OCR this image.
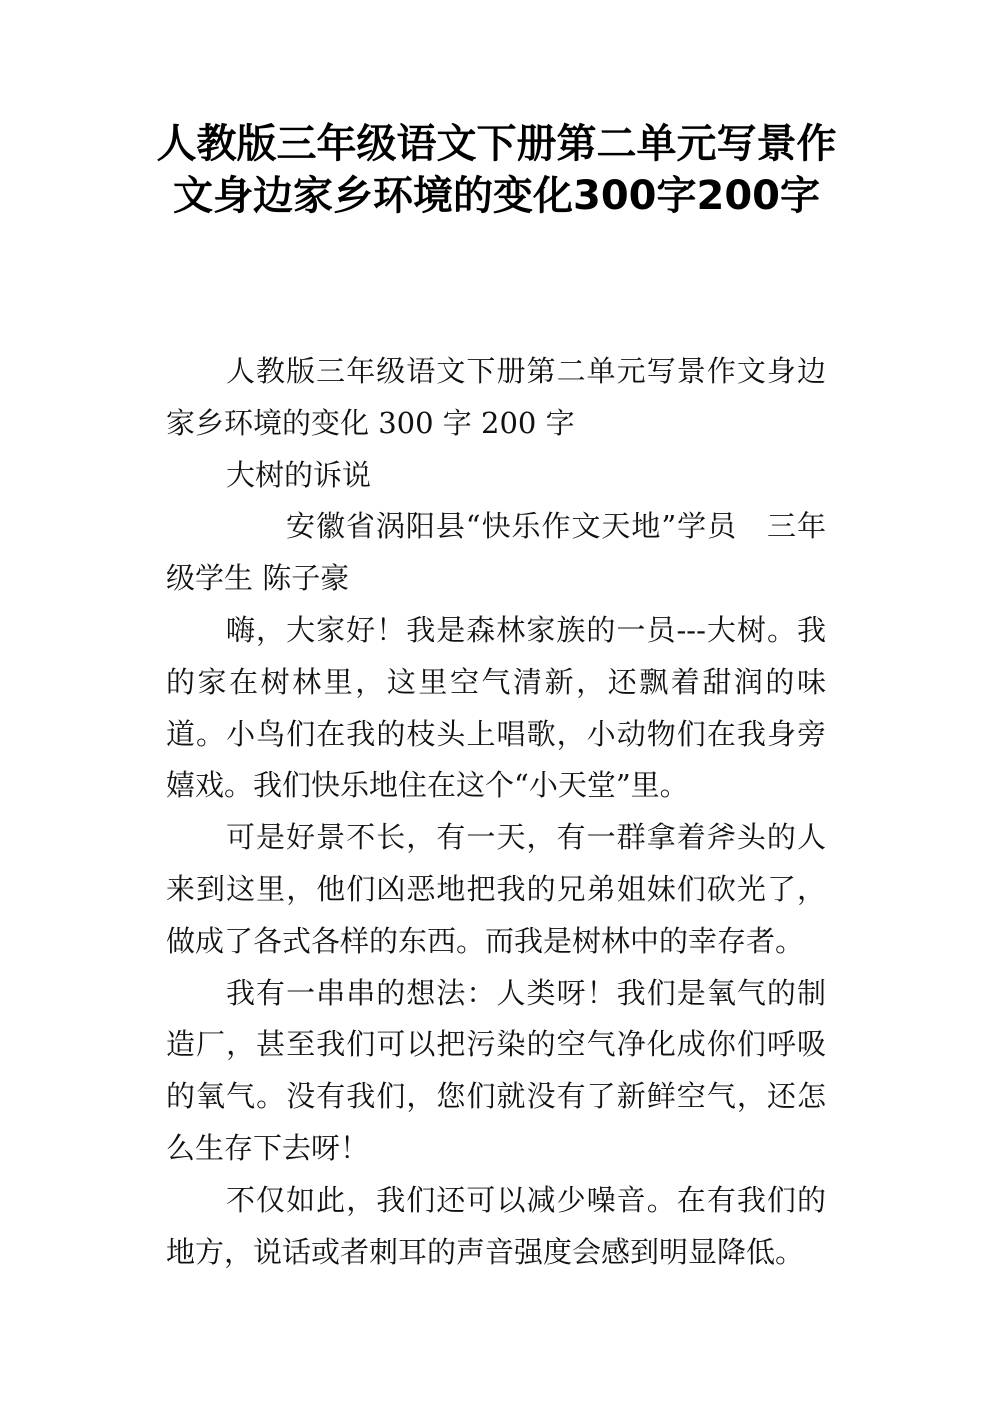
人教版三年级语文下册第二单元写景作文身边家乡环境的变化300字200字

人教版三年级语文下册第二单元写景作文身边家乡环境的变化 300 字 200 字

大树的诉说

安徽省涡阳县“快乐作文天地”学员　三年级学生 陈子豪

嗨，大家好！我是森林家族的一员---大树。我的家在树林里，这里空气清新，还飘着甜润的味道。小鸟们在我的枝头上唱歌，小动物们在我身旁嬉戏。我们快乐地住在这个“小天堂”里。

可是好景不长，有一天，有一群拿着斧头的人来到这里，他们凶恶地把我的兄弟姐妹们砍光了，做成了各式各样的东西。而我是树林中的幸存者。

我有一串串的想法：人类呀！我们是氧气的制造厂，甚至我们可以把污染的空气净化成你们呼吸的氧气。没有我们，您们就没有了新鲜空气，还怎么生存下去呀！

不仅如此，我们还可以减少噪音。在有我们的地方，说话或者刺耳的声音强度会感到明显降低。
